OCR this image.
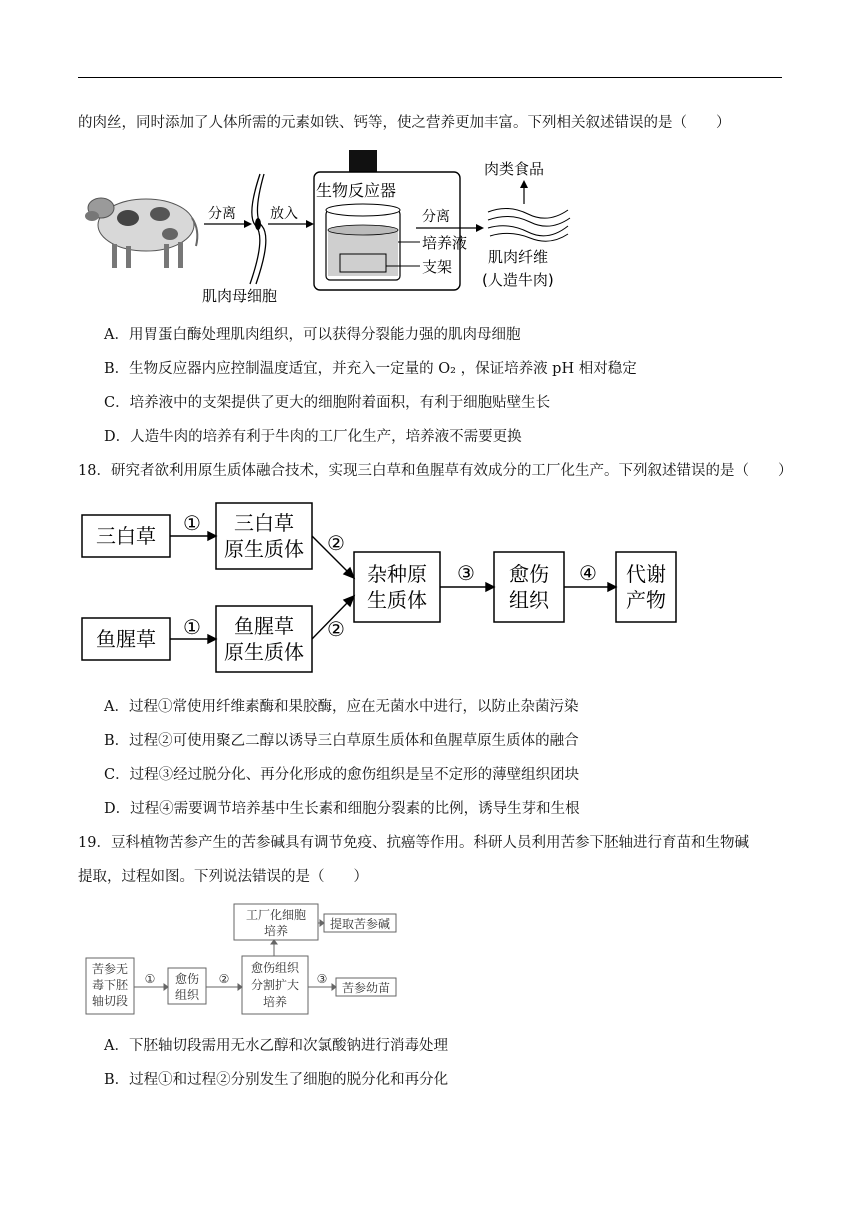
的肉丝，同时添加了人体所需的元素如铁、钙等，使之营养更加丰富。下列相关叙述错误的是（　　）
分离
肌肉母细胞
放入
生物反应器
培养液
支架
分离
肉类食品
肌肉纤维
(人造牛肉)
A．用胃蛋白酶处理肌肉组织，可以获得分裂能力强的肌肉母细胞
B．生物反应器内应控制温度适宜，并充入一定量的 O₂ ，保证培养液 pH 相对稳定
C．培养液中的支架提供了更大的细胞附着面积，有利于细胞贴壁生长
D．人造牛肉的培养有利于牛肉的工厂化生产，培养液不需要更换
18．研究者欲利用原生质体融合技术，实现三白草和鱼腥草有效成分的工厂化生产。下列叙述错误的是（　　）
三白草
三白草
原生质体
鱼腥草
鱼腥草
原生质体
杂种原
生质体
愈伤
组织
代谢
产物
①
①
②
②
③	④
A．过程①常使用纤维素酶和果胶酶，应在无菌水中进行，以防止杂菌污染
B．过程②可使用聚乙二醇以诱导三白草原生质体和鱼腥草原生质体的融合
C．过程③经过脱分化、再分化形成的愈伤组织是呈不定形的薄壁组织团块
D．过程④需要调节培养基中生长素和细胞分裂素的比例，诱导生芽和生根
19．豆科植物苦参产生的苦参碱具有调节免疫、抗癌等作用。科研人员利用苦参下胚轴进行育苗和生物碱
提取，过程如图。下列说法错误的是（　　）
工厂化细胞
培养	提取苦参碱
苦参无
毒下胚
轴切段
愈伤
组织
愈伤组织
分割扩大
培养
苦参幼苗
①	②	③
A．下胚轴切段需用无水乙醇和次氯酸钠进行消毒处理
B．过程①和过程②分别发生了细胞的脱分化和再分化
